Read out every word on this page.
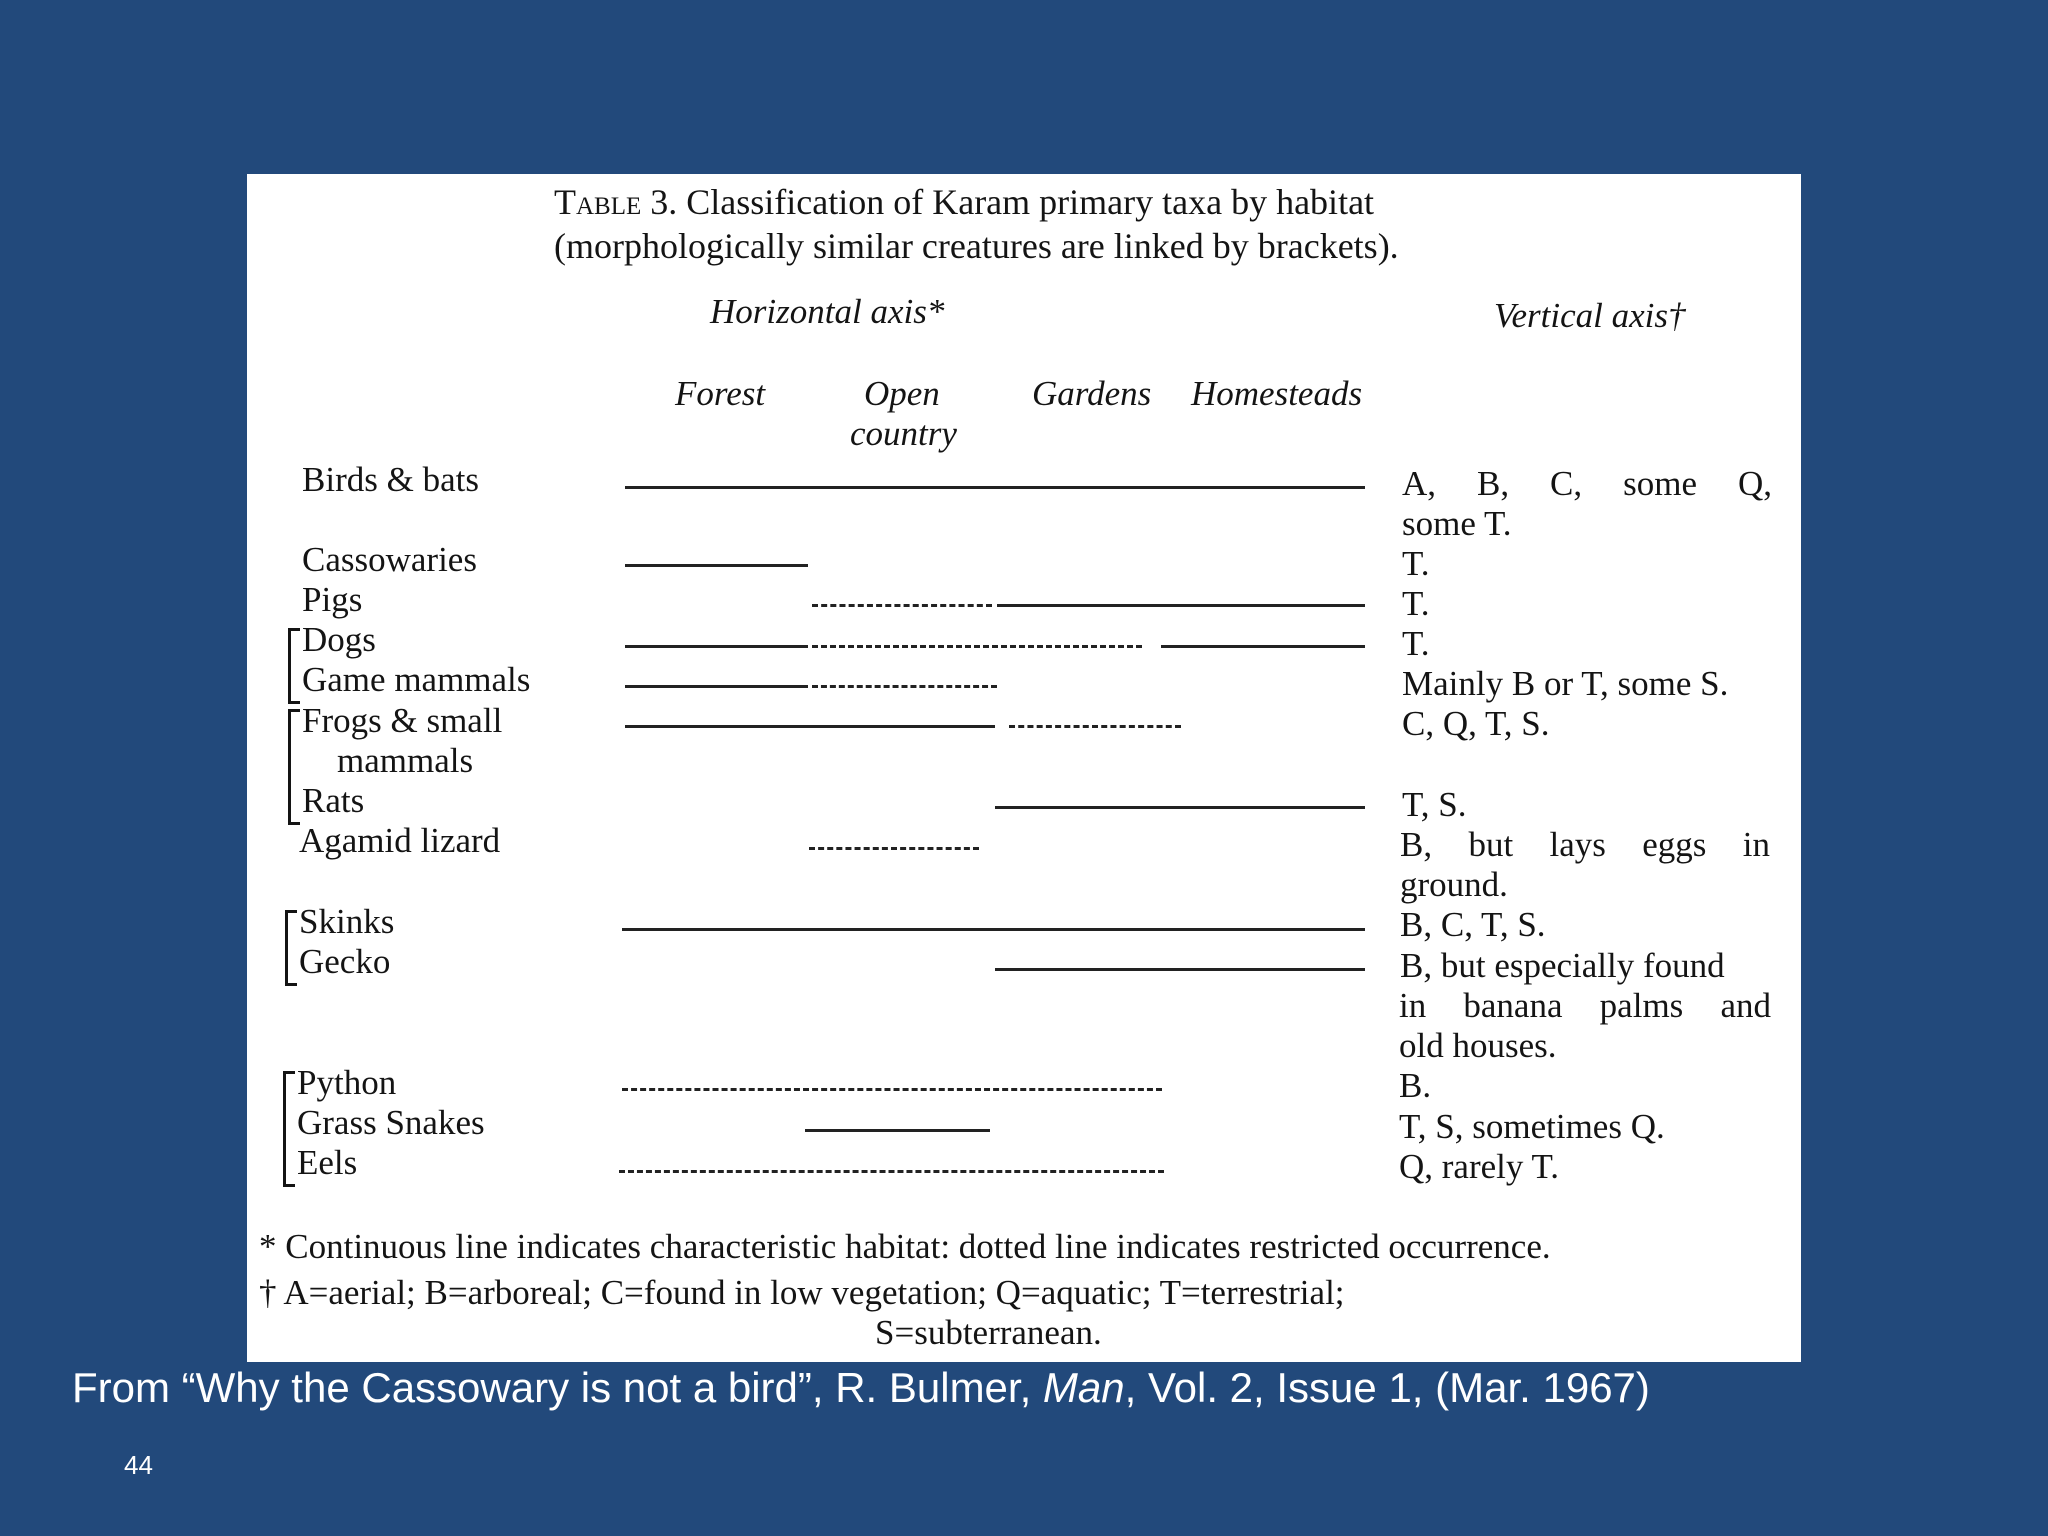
Table 3. Classification of Karam primary taxa by habitat
(morphologically similar creatures are linked by brackets).
Horizontal axis*	Vertical axis†
Forest	Open
country
Gardens Homesteads
Birds & bats
Cassowaries
Pigs
Dogs
Game mammals
Frogs & small
mammals
Rats
Agamid lizard
Skinks
Gecko
Python
Grass Snakes
Eels
A, B, C, some Q,
some T.
T.
T.
T.
Mainly B or T, some S.
C, Q, T, S.
T, S.
B, but lays eggs in
ground.
B, C, T, S.
B, but especially found
in banana palms and
old houses.
B.
T, S, sometimes Q.
Q, rarely T.
* Continuous line indicates characteristic habitat: dotted line indicates restricted occurrence.
† A=aerial; B=arboreal; C=found in low vegetation; Q=aquatic; T=terrestrial;
S=subterranean.
From “Why the Cassowary is not a bird”, R. Bulmer, Man, Vol. 2, Issue 1, (Mar. 1967)
44
